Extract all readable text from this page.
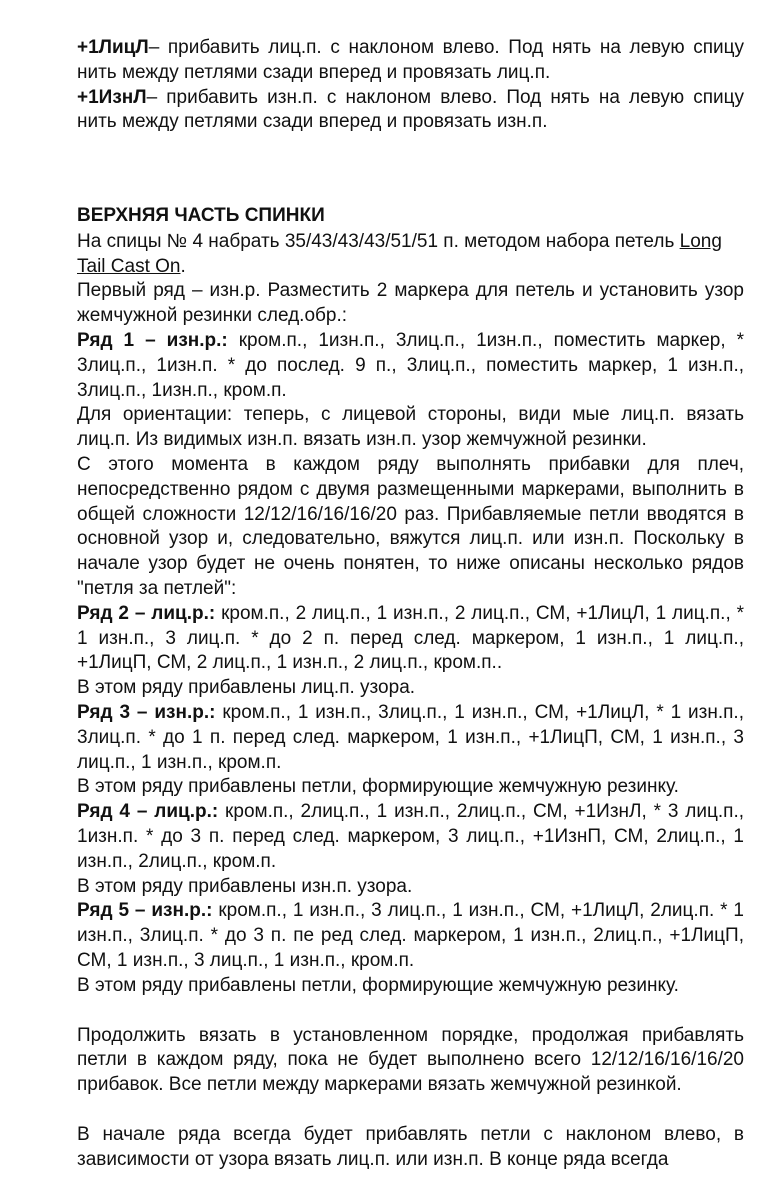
+1ЛицЛ– прибавить лиц.п. с наклоном влево. Под нять на левую спицу нить между петлями сзади вперед и провязать лиц.п.

+1ИзнЛ– прибавить изн.п. с наклоном влево. Под нять на левую спицу нить между петлями сзади вперед и провязать изн.п.

ВЕРХНЯЯ ЧАСТЬ СПИНКИ

На спицы № 4 набрать 35/43/43/43/51/51 п. методом набора петель Long Tail Cast On.

Первый ряд – изн.р. Разместить 2 маркера для петель и установить узор жемчужной резинки след.обр.:

Ряд 1 – изн.р.: кром.п., 1изн.п., 3лиц.п., 1изн.п., поместить маркер, * 3лиц.п., 1изн.п. * до послед. 9 п., 3лиц.п., поместить маркер, 1 изн.п., 3лиц.п., 1изн.п., кром.п.

Для ориентации: теперь, с лицевой стороны, види мые лиц.п. вязать лиц.п. Из видимых изн.п. вязать изн.п. узор жемчужной резинки.

С этого момента в каждом ряду выполнять прибавки для плеч, непосредственно рядом с двумя размещенными маркерами, выполнить в общей сложности 12/12/16/16/16/20 раз. Прибавляемые петли вводятся в основной узор и, следовательно, вяжутся лиц.п. или изн.п. Поскольку в начале узор будет не очень понятен, то ниже описаны несколько рядов "петля за петлей":

Ряд 2 – лиц.р.: кром.п., 2 лиц.п., 1 изн.п., 2 лиц.п., СМ, +1ЛицЛ, 1 лиц.п., * 1 изн.п., 3 лиц.п. * до 2 п. перед след. маркером, 1 изн.п., 1 лиц.п., +1ЛицП, СМ, 2 лиц.п., 1 изн.п., 2 лиц.п., кром.п..

В этом ряду прибавлены лиц.п. узора.

Ряд 3 – изн.р.: кром.п., 1 изн.п., 3лиц.п., 1 изн.п., СМ, +1ЛицЛ, * 1 изн.п., 3лиц.п. * до 1 п. перед след. маркером, 1 изн.п., +1ЛицП, СМ, 1 изн.п., 3 лиц.п., 1 изн.п., кром.п.

В этом ряду прибавлены петли, формирующие жемчужную резинку.

Ряд 4 – лиц.р.: кром.п., 2лиц.п., 1 изн.п., 2лиц.п., СМ, +1ИзнЛ, * 3 лиц.п., 1изн.п. * до 3 п. перед след. маркером, 3 лиц.п., +1ИзнП, СМ, 2лиц.п., 1 изн.п., 2лиц.п., кром.п.

В этом ряду прибавлены изн.п. узора.

Ряд 5 – изн.р.: кром.п., 1 изн.п., 3 лиц.п., 1 изн.п., СМ, +1ЛицЛ, 2лиц.п. * 1 изн.п., 3лиц.п. * до 3 п. пе ред след. маркером, 1 изн.п., 2лиц.п., +1ЛицП, СМ, 1 изн.п., 3 лиц.п., 1 изн.п., кром.п.

В этом ряду прибавлены петли, формирующие жемчужную резинку.

Продолжить вязать в установленном порядке, продолжая прибавлять петли в каждом ряду, пока не будет выполнено всего 12/12/16/16/16/20 прибавок. Все петли между маркерами вязать жемчужной резинкой.

В начале ряда всегда будет прибавлять петли с наклоном влево, в зависимости от узора вязать лиц.п. или изн.п. В конце ряда всегда
